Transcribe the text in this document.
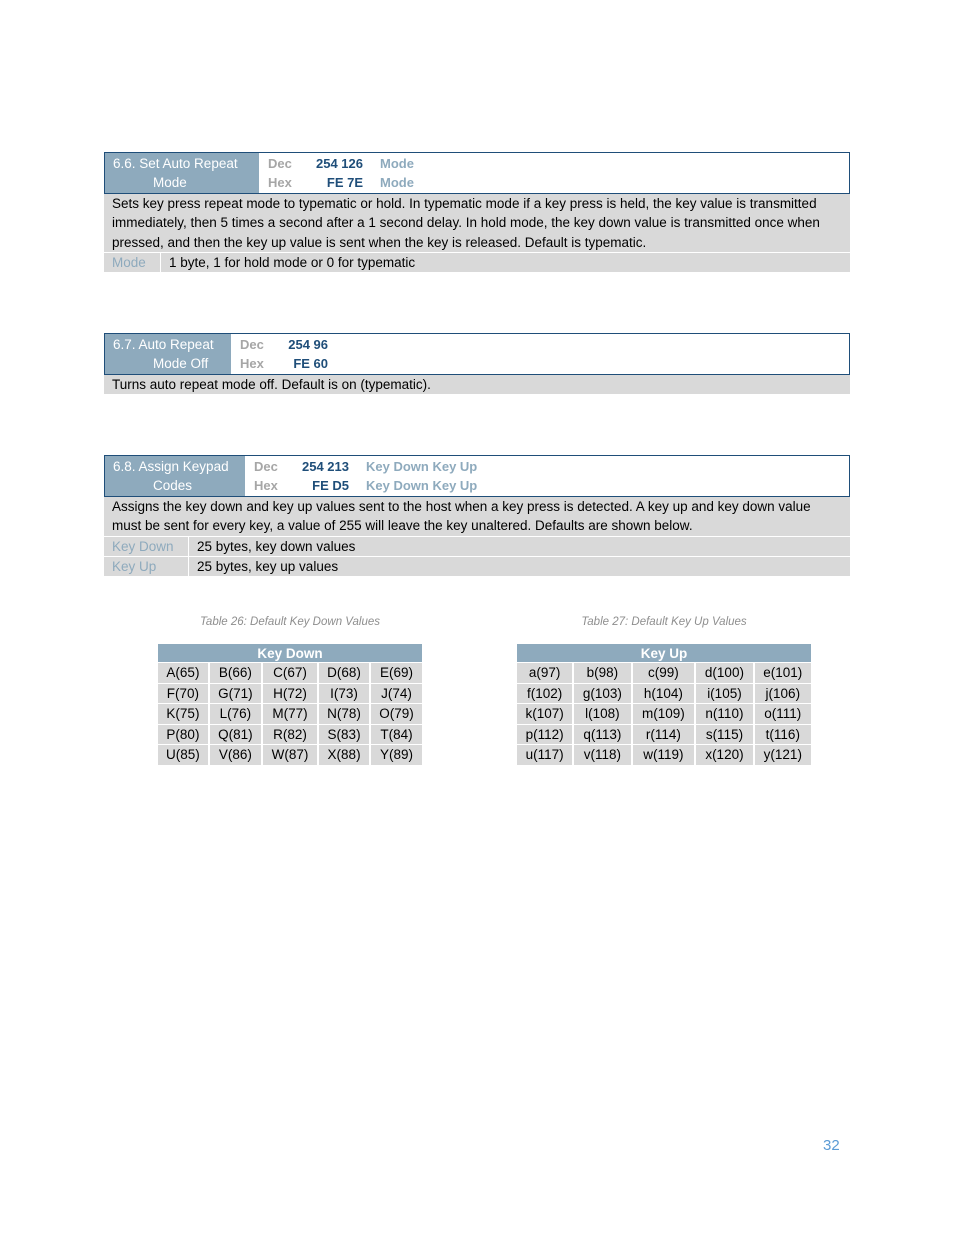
6.6. Set Auto Repeat
Mode
Dec	254 126 Mode
Hex	FE 7E Mode
Sets key press repeat mode to typematic or hold. In typematic mode if a key press is held, the key value is transmitted immediately, then 5 times a second after a 1 second delay. In hold mode, the key down value is transmitted once when pressed, and then the key up value is sent when the key is released. Default is typematic.
Mode	1 byte, 1 for hold mode or 0 for typematic
6.7. Auto Repeat
Mode Off
Dec	254 96
Hex	FE 60
Turns auto repeat mode off. Default is on (typematic).
6.8. Assign Keypad
Codes
Dec	254 213 Key Down Key Up
Hex	FE D5 Key Down Key Up
Assigns the key down and key up values sent to the host when a key press is detected. A key up and key down value must be sent for every key, a value of 255 will leave the key unaltered. Defaults are shown below.
Key Down	25 bytes, key down values
Key Up	25 bytes, key up values
Table 26: Default Key Down Values
Key Down				
A(65)	B(66)	C(67)	D(68)	E(69)
F(70)	G(71)	H(72)	I(73)	J(74)
K(75)	L(76)	M(77)	N(78)	O(79)
P(80)	Q(81)	R(82)	S(83)	T(84)
U(85)	V(86)	W(87)	X(88)	Y(89)
Table 27: Default Key Up Values
Key Up				
a(97)	b(98)	c(99)	d(100)	e(101)
f(102)	g(103)	h(104)	i(105)	j(106)
k(107)	l(108)	m(109)	n(110)	o(111)
p(112)	q(113)	r(114)	s(115)	t(116)
u(117)	v(118)	w(119)	x(120)	y(121)
32
